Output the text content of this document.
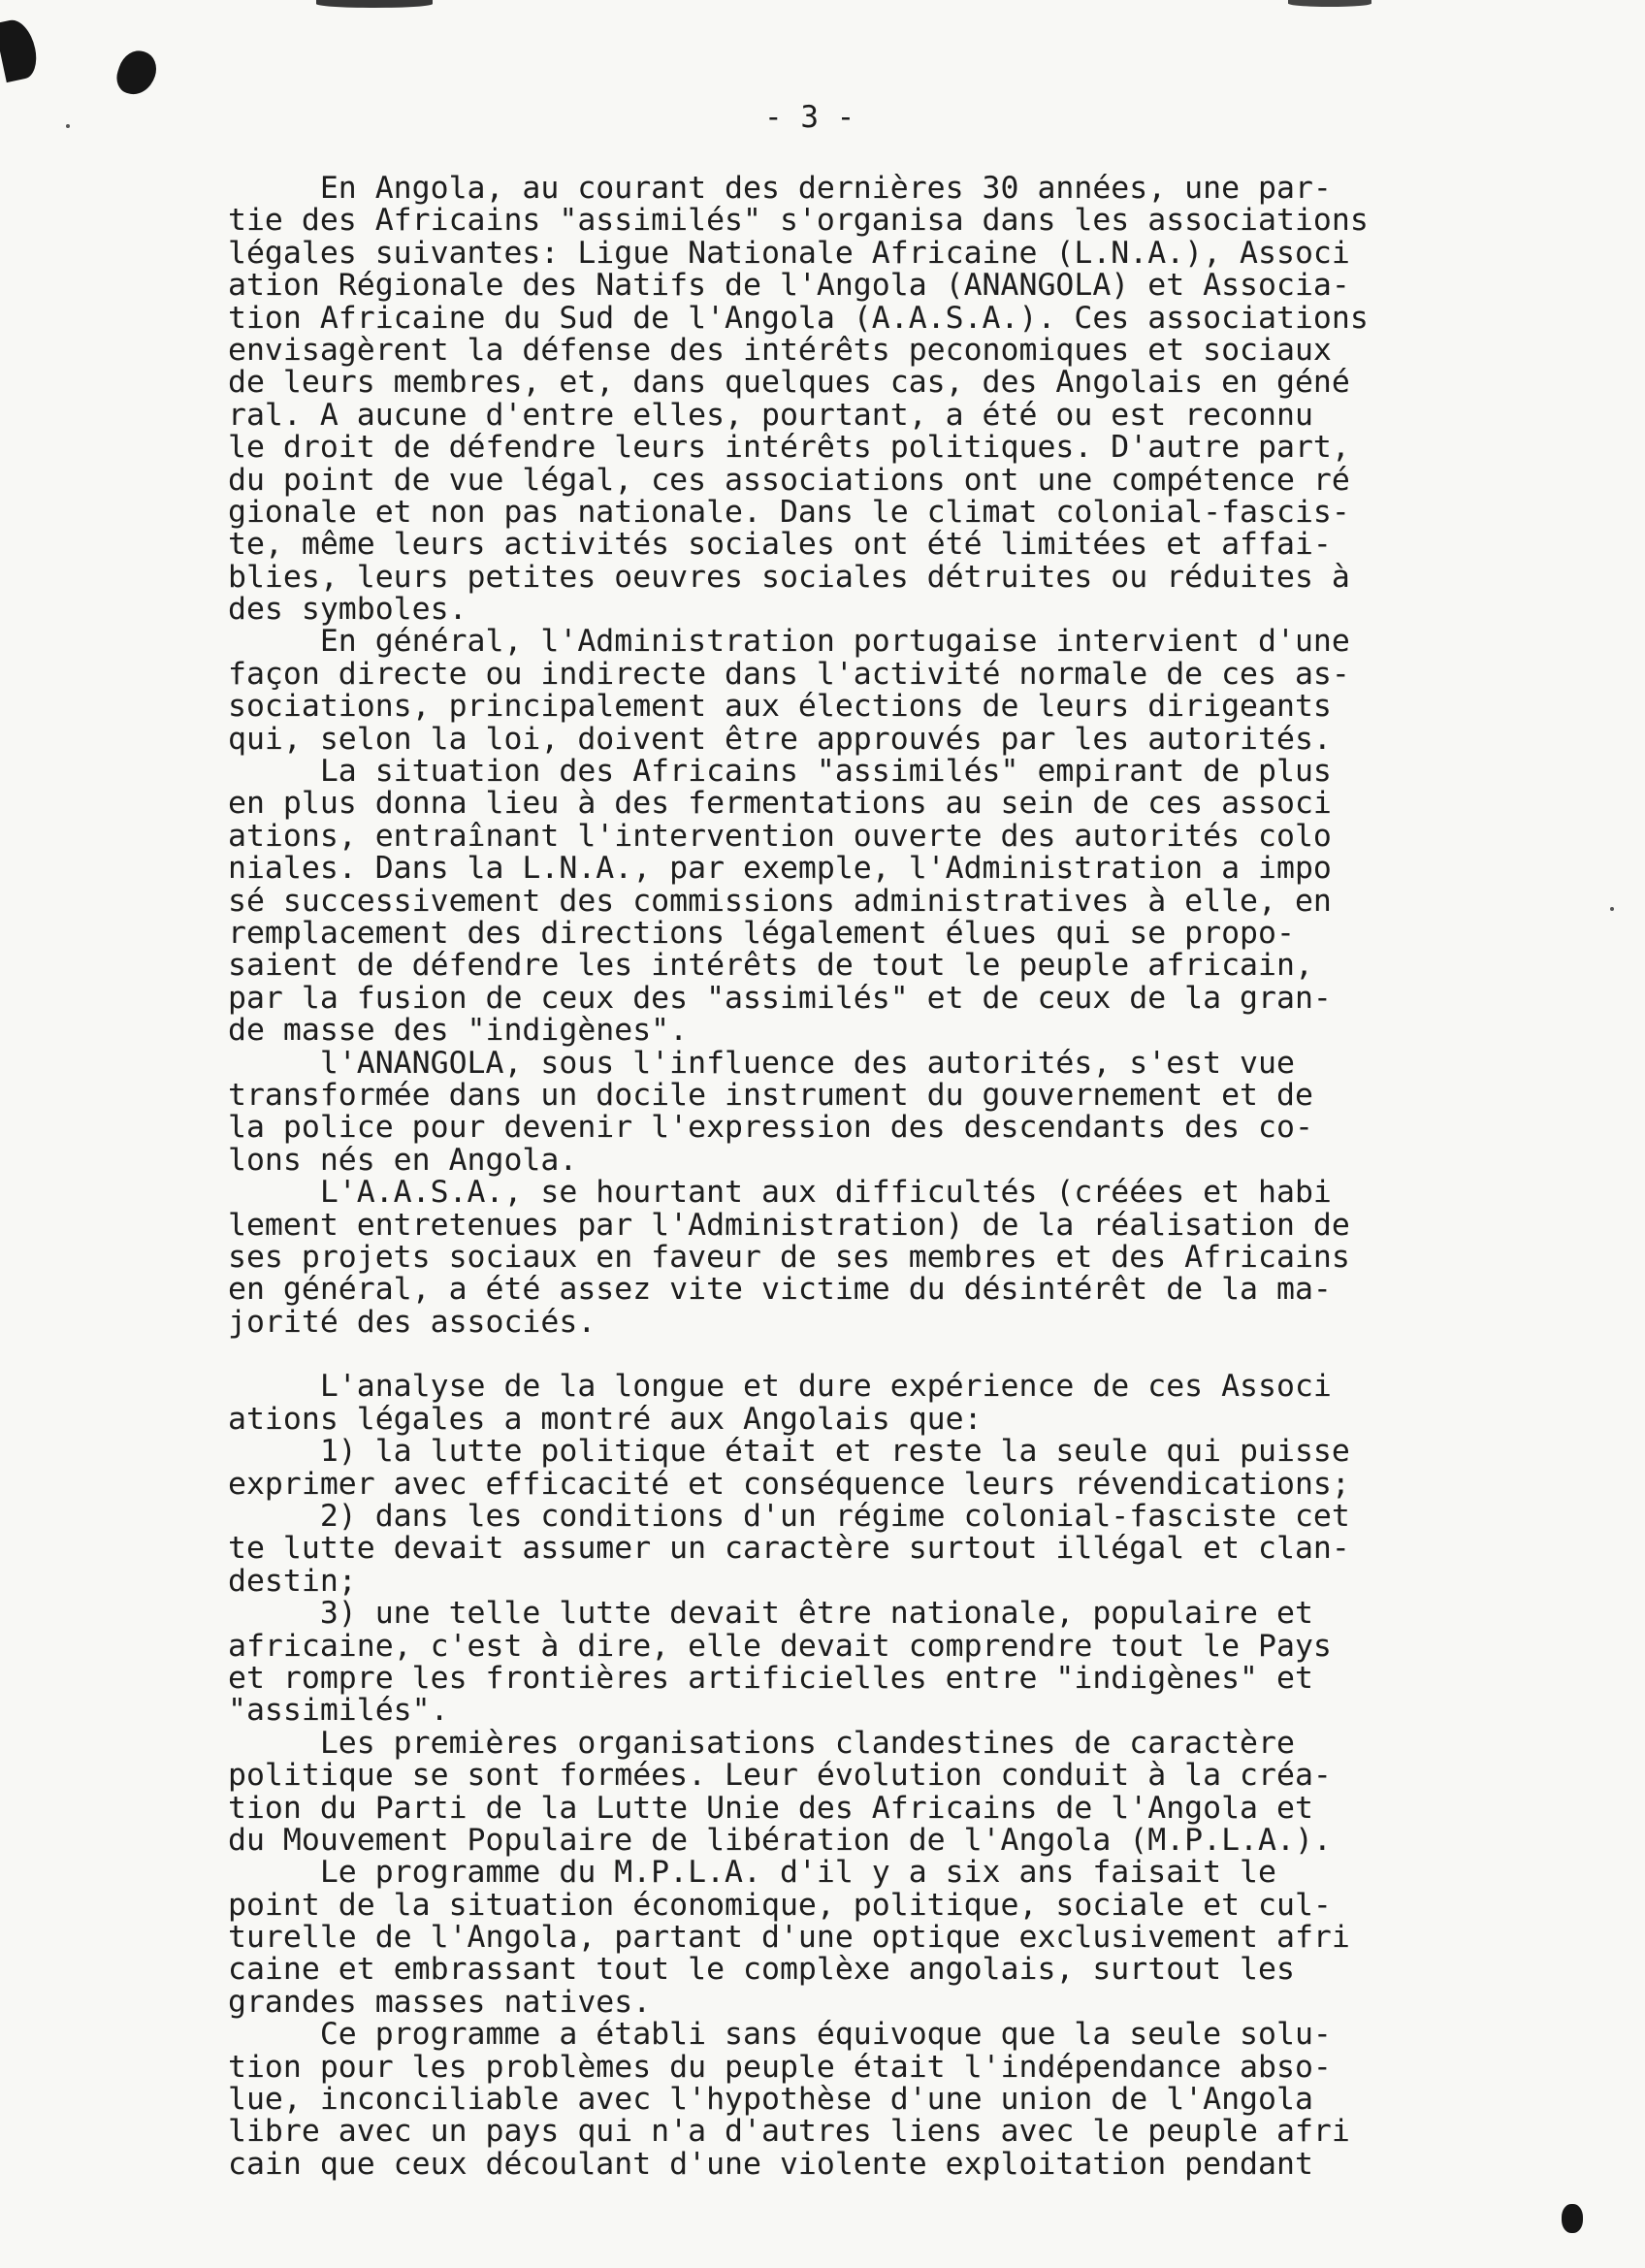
- 3 -
En Angola, au courant des dernières 30 années, une par-
tie des Africains "assimilés" s'organisa dans les associations
légales suivantes: Ligue Nationale Africaine (L.N.A.), Associ
ation Régionale des Natifs de l'Angola (ANANGOLA) et Associa-
tion Africaine du Sud de l'Angola (A.A.S.A.). Ces associations
envisagèrent la défense des intérêts peconomiques et sociaux
de leurs membres, et, dans quelques cas, des Angolais en géné
ral. A aucune d'entre elles, pourtant, a été ou est reconnu
le droit de défendre leurs intérêts politiques. D'autre part,
du point de vue légal, ces associations ont une compétence ré
gionale et non pas nationale. Dans le climat colonial-fascis-
te, même leurs activités sociales ont été limitées et affai-
blies, leurs petites oeuvres sociales détruites ou réduites à
des symboles.
En général, l'Administration portugaise intervient d'une
façon directe ou indirecte dans l'activité normale de ces as-
sociations, principalement aux élections de leurs dirigeants
qui, selon la loi, doivent être approuvés par les autorités.
La situation des Africains "assimilés" empirant de plus
en plus donna lieu à des fermentations au sein de ces associ
ations, entraînant l'intervention ouverte des autorités colo
niales. Dans la L.N.A., par exemple, l'Administration a impo
sé successivement des commissions administratives à elle, en
remplacement des directions légalement élues qui se propo-
saient de défendre les intérêts de tout le peuple africain,
par la fusion de ceux des "assimilés" et de ceux de la gran-
de masse des "indigènes".
l'ANANGOLA, sous l'influence des autorités, s'est vue
transformée dans un docile instrument du gouvernement et de
la police pour devenir l'expression des descendants des co-
lons nés en Angola.
L'A.A.S.A., se hourtant aux difficultés (créées et habi
lement entretenues par l'Administration) de la réalisation de
ses projets sociaux en faveur de ses membres et des Africains
en général, a été assez vite victime du désintérêt de la ma-
jorité des associés.
L'analyse de la longue et dure expérience de ces Associ
ations légales a montré aux Angolais que:
1) la lutte politique était et reste la seule qui puisse
exprimer avec efficacité et conséquence leurs révendications;
2) dans les conditions d'un régime colonial-fasciste cet
te lutte devait assumer un caractère surtout illégal et clan-
destin;
3) une telle lutte devait être nationale, populaire et
africaine, c'est à dire, elle devait comprendre tout le Pays
et rompre les frontières artificielles entre "indigènes" et
"assimilés".
Les premières organisations clandestines de caractère
politique se sont formées. Leur évolution conduit à la créa-
tion du Parti de la Lutte Unie des Africains de l'Angola et
du Mouvement Populaire de libération de l'Angola (M.P.L.A.).
Le programme du M.P.L.A. d'il y a six ans faisait le
point de la situation économique, politique, sociale et cul-
turelle de l'Angola, partant d'une optique exclusivement afri
caine et embrassant tout le complèxe angolais, surtout les
grandes masses natives.
Ce programme a établi sans équivoque que la seule solu-
tion pour les problèmes du peuple était l'indépendance abso-
lue, inconciliable avec l'hypothèse d'une union de l'Angola
libre avec un pays qui n'a d'autres liens avec le peuple afri
cain que ceux découlant d'une violente exploitation pendant
